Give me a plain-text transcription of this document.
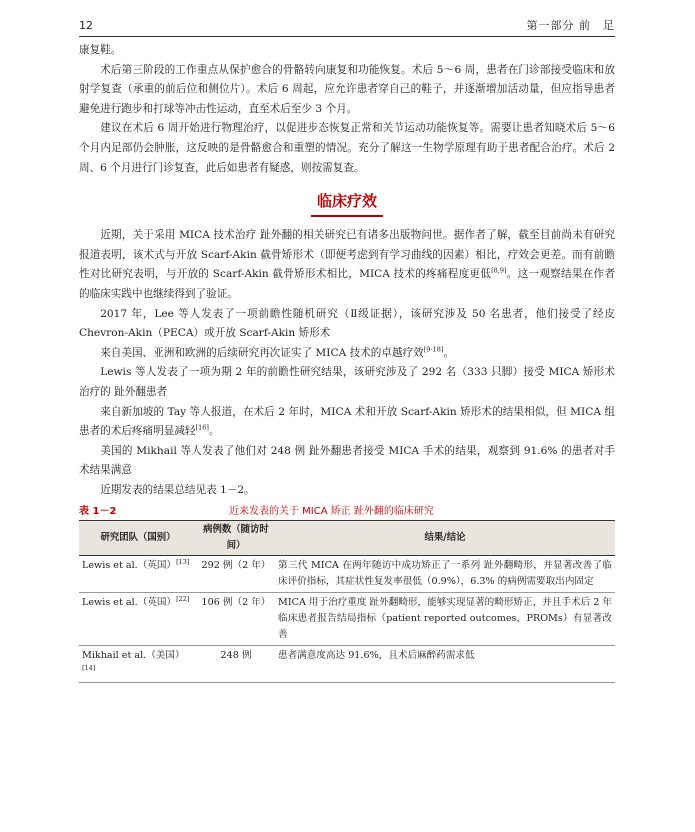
12	第一部分 前　足

康复鞋。

术后第三阶段的工作重点从保护愈合的骨骼转向康复和功能恢复。术后 5～6 周，患者在门诊部接受临床和放射学复查（承重的前后位和侧位片）。术后 6 周起，应允许患者穿自己的鞋子，并逐渐增加活动量，但应指导患者避免进行跑步和打球等冲击性运动，直至术后至少 3 个月。

建议在术后 6 周开始进行物理治疗，以促进步态恢复正常和关节运动功能恢复等。需要让患者知晓术后 5～6 个月内足部仍会肿胀，这反映的是骨骼愈合和重塑的情况。充分了解这一生物学原理有助于患者配合治疗。术后 2 周、6 个月进行门诊复查，此后如患者有疑惑，则按需复查。

临床疗效

近期，关于采用 MICA 技术治疗 趾外翻的相关研究已有诸多出版物问世。据作者了解，截至目前尚未有研究报道表明，该术式与开放 Scarf-Akin 截骨矫形术（即便考虑到有学习曲线的因素）相比，疗效会更差。而有前瞻性对比研究表明，与开放的 Scarf-Akin 截骨矫形术相比，MICA 技术的疼痛程度更低[8,9]。这一观察结果在作者的临床实践中也继续得到了验证。

2017 年，Lee 等人发表了一项前瞻性随机研究（Ⅱ级证据），该研究涉及 50 名患者，他们接受了经皮 Chevron-Akin（PECA）或开放 Scarf-Akin 矫形术

来自美国、亚洲和欧洲的后续研究再次证实了 MICA 技术的卓越疗效[9-18]。

Lewis 等人发表了一项为期 2 年的前瞻性研究结果，该研究涉及了 292 名（333 只脚）接受 MICA 矫形术治疗的 趾外翻患者

来自新加坡的 Tay 等人报道，在术后 2 年时，MICA 术和开放 Scarf-Akin 矫形术的结果相似，但 MICA 组患者的术后疼痛明显减轻[16]。

美国的 Mikhail 等人发表了他们对 248 例 趾外翻患者接受 MICA 手术的结果，观察到 91.6% 的患者对手术结果满意

近期发表的结果总结见表 1－2。

表 1－2	近来发表的关于 MICA 矫正 趾外翻的临床研究
研究团队（国别）	病例数（随访时间）	结果/结论
Lewis et al.（英国）[13]	292 例（2 年）	第三代 MICA 在两年随访中成功矫正了一系列 趾外翻畸形，并显著改善了临床评价指标，其症状性复发率很低（0.9%），6.3% 的病例需要取出内固定
Lewis et al.（英国）[22]	106 例（2 年）	MICA 用于治疗重度 趾外翻畸形，能够实现显著的畸形矫正，并且手术后 2 年临床患者报告结局指标（patient reported outcomes，PROMs）有显著改善
Mikhail et al.（美国）[14]	248 例	患者满意度高达 91.6%，且术后麻醉药需求低
